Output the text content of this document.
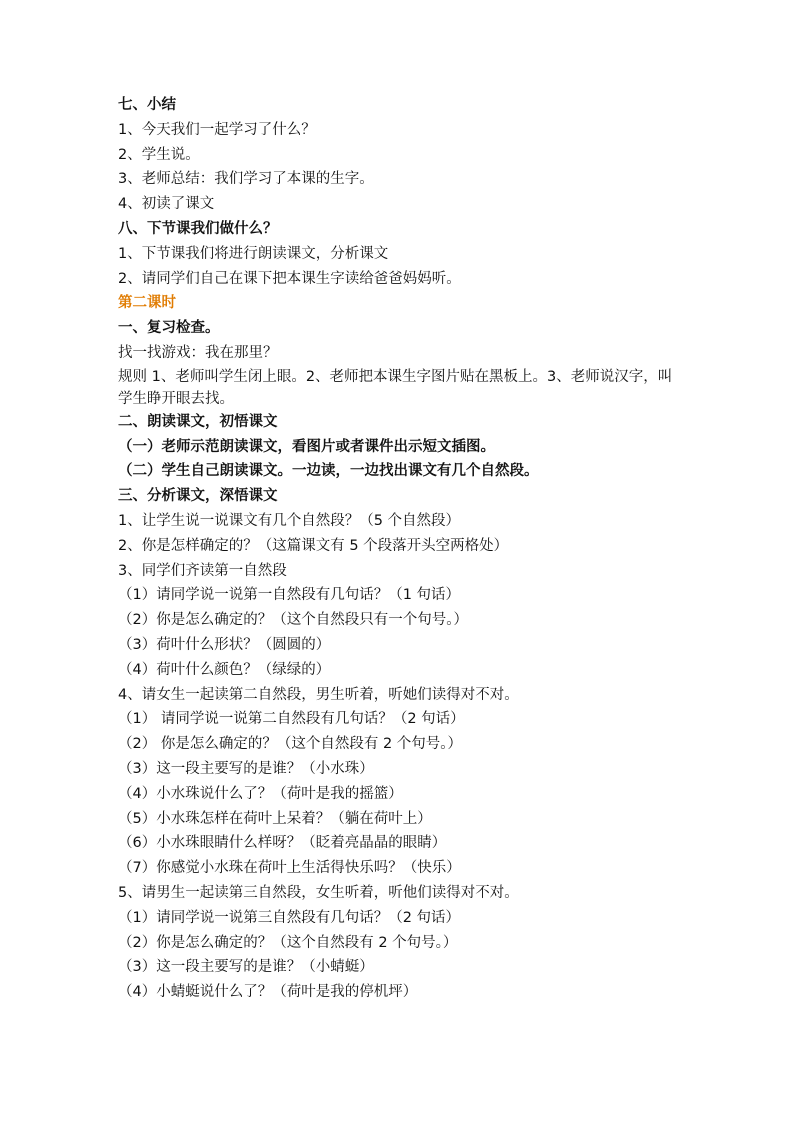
七、小结
1、今天我们一起学习了什么？
2、学生说。
3、老师总结：我们学习了本课的生字。
4、初读了课文
八、下节课我们做什么？
1、下节课我们将进行朗读课文，分析课文
2、请同学们自己在课下把本课生字读给爸爸妈妈听。
第二课时
一、复习检查。
找一找游戏：我在那里？
规则 1、老师叫学生闭上眼。2、老师把本课生字图片贴在黑板上。3、老师说汉字，叫学生睁开眼去找。
二、朗读课文，初悟课文
（一）老师示范朗读课文，看图片或者课件出示短文插图。
（二）学生自己朗读课文。一边读，一边找出课文有几个自然段。
三、分析课文，深悟课文
1、让学生说一说课文有几个自然段？（5 个自然段）
2、你是怎样确定的？（这篇课文有 5 个段落开头空两格处）
3、同学们齐读第一自然段
（1）请同学说一说第一自然段有几句话？（1 句话）
（2）你是怎么确定的？（这个自然段只有一个句号。）
（3）荷叶什么形状？（圆圆的）
（4）荷叶什么颜色？（绿绿的）
4、请女生一起读第二自然段，男生听着，听她们读得对不对。
（1） 请同学说一说第二自然段有几句话？（2 句话）
（2） 你是怎么确定的？（这个自然段有 2 个句号。）
（3）这一段主要写的是谁？（小水珠）
（4）小水珠说什么了？（荷叶是我的摇篮）
（5）小水珠怎样在荷叶上呆着？（躺在荷叶上）
（6）小水珠眼睛什么样呀？（眨着亮晶晶的眼睛）
（7）你感觉小水珠在荷叶上生活得快乐吗？（快乐）
5、请男生一起读第三自然段，女生听着，听他们读得对不对。
（1）请同学说一说第三自然段有几句话？（2 句话）
（2）你是怎么确定的？（这个自然段有 2 个句号。）
（3）这一段主要写的是谁？（小蜻蜓）
（4）小蜻蜓说什么了？（荷叶是我的停机坪）
